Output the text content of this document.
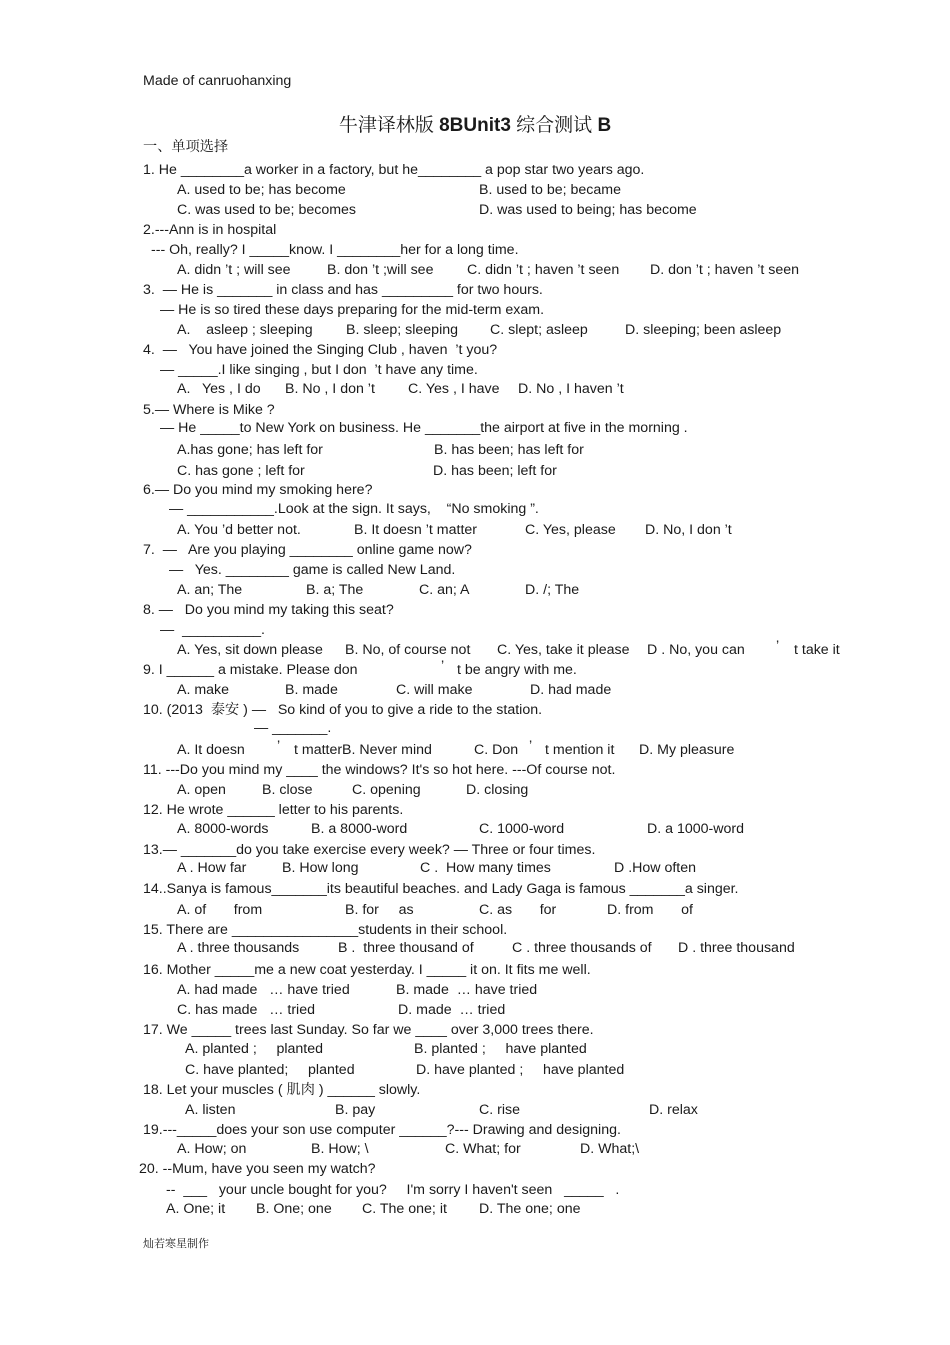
Made of canruohanxing
牛津译林版 8BUnit3 综合测试 B
一、单项选择
1. He ________a worker in a factory, but he________ a pop star two years ago.
A. used to be; has become	B. used to be; became
C. was used to be; becomes	D. was used to being; has become
2.---Ann is in hospital
--- Oh, really? I _____know. I ________her for a long time.
A. didn ’t ; will see	B. don ’t ;will see C. didn ’t ; haven ’t seen D. don ’t ; haven ’t seen
3.  — He is _______ in class and has _________ for two hours.
— He is so tired these days preparing for the mid-term exam.
A.    asleep ; sleeping B. sleep; sleeping C. slept; asleep	D. sleeping; been asleep
4.  —   You have joined the Singing Club , haven  ’t you?
— _____.I like singing , but I don  ’t have any time.
A.   Yes , I do B. No , I don ’t C. Yes , I have D. No , I haven ’t
5.— Where is Mike ?
— He _____to New York on business. He _______the airport at five in the morning .
A.has gone; has left for	B. has been; has left for
C. has gone ; left for	D. has been; left for
6.— Do you mind my smoking here?
— ___________.Look at the sign. It says,    “No smoking ”.
A. You ’d better not.	B. It doesn ’t matter	C. Yes, please D. No, I don ’t
7.  —   Are you playing ________ online game now?
—   Yes. ________ game is called New Land.
A. an; The	B. a; The	C. an; A	D. /; The
8. —   Do you mind my taking this seat?
—  __________.
A. Yes, sit down please B. No, of course not C. Yes, take it please D . No, you can ’ t take it
9. I ______ a mistake. Please don	’ t be angry with me.
A. make	B. made	C. will make	D. had made
10. (2013  泰安 ) —   So kind of you to give a ride to the station.
— _______.
A. It doesn ’ t matter B. Never mind	C. Don ’ t mention it D. My pleasure
11. ---Do you mind my ____ the windows? It's so hot here. ---Of course not.
A. open	B. close	C. opening	D. closing
12. He wrote ______ letter to his parents.
A. 8000-words	B. a 8000-word	C. 1000-word	D. a 1000-word
13.— _______do you take exercise every week? — Three or four times.
A . How far	B. How long	C .  How many times	D .How often
14..Sanya is famous_______its beautiful beaches. and Lady Gaga is famous _______a singer.
A. of       from	B. for     as	C. as       for	D. from       of
15. There are ________________students in their school.
A . three thousands	B .  three thousand of	C . three thousands of D . three thousand
16. Mother _____me a new coat yesterday. I _____ it on. It fits me well.
A. had made   … have tried	B. made  … have tried
C. has made   … tried	D. made  … tried
17. We _____ trees last Sunday. So far we ____ over 3,000 trees there.
A. planted ;     planted	B. planted ;     have planted
C. have planted;     planted	D. have planted ;     have planted
18. Let your muscles ( 肌肉 ) ______ slowly.
A. listen	B. pay	C. rise	D. relax
19.---_____does your son use computer ______?--- Drawing and designing.
A. How; on	B. How; \	C. What; for	D. What;\
20. --Mum, have you seen my watch?
--  ___   your uncle bought for you?     I'm sorry I haven't seen   _____   .
A. One; it B. One; one C. The one; it D. The one; one
灿若寒星制作
